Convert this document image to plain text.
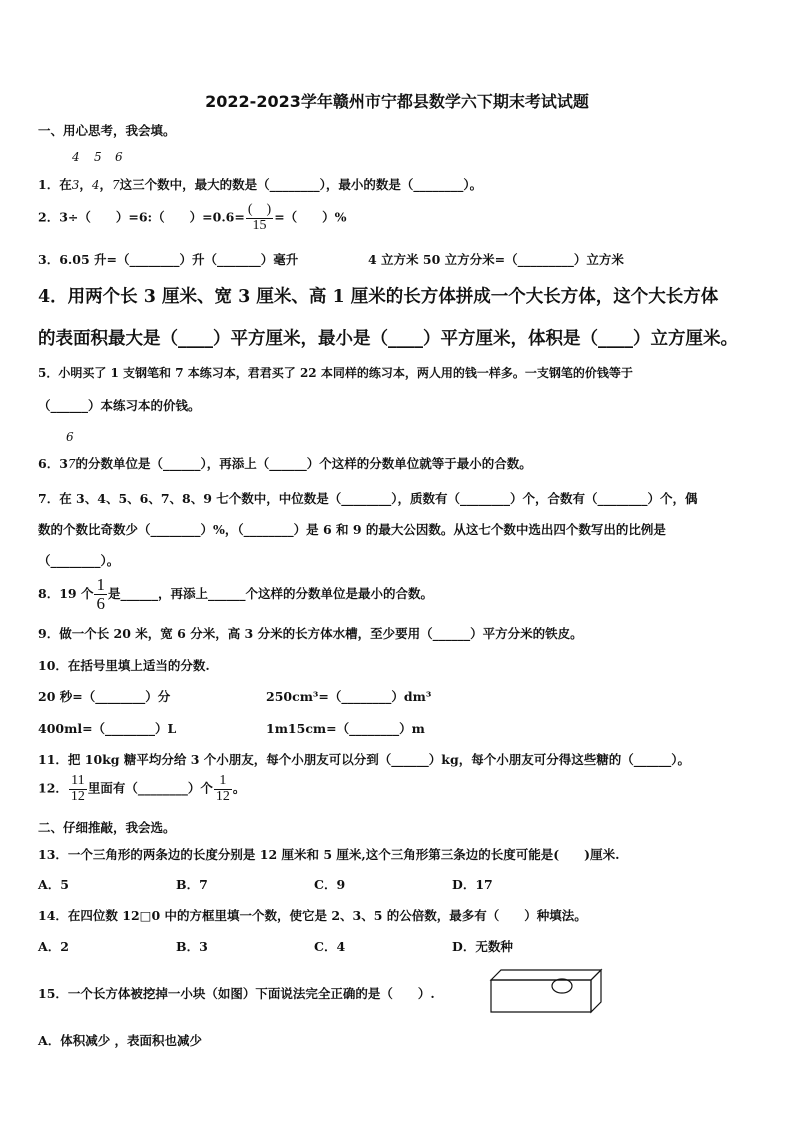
2022-2023学年赣州市宁都县数学六下期末考试试题
一、用心思考，我会填。
4 5 6
1．在3，4，7这三个数中，最大的数是（________），最小的数是（________）。
2．3÷（　　）=6:（　　）$=0.6= \frac{( )}{15}$ =（　　）%
3．6.05 升=（________）升（_______）毫升	4 立方米 50 立方分米=（_________）立方米
4．用两个长 3 厘米、宽 3 厘米、高 1 厘米的长方体拼成一个大长方体，这个大长方体
的表面积最大是（____）平方厘米，最小是（____）平方厘米，体积是（____）立方厘米。
5．小明买了 1 支钢笔和 7 本练习本，君君买了 22 本同样的练习本，两人用的钱一样多。一支钢笔的价钱等于
（______）本练习本的价钱。
6
6．37的分数单位是（______），再添上（______）个这样的分数单位就等于最小的合数。
7．在 3、4、5、6、7、8、9 七个数中，中位数是（________），质数有（________）个，合数有（________）个，偶
数的个数比奇数少（________）%，（________）是 6 和 9 的最大公因数。从这七个数中选出四个数写出的比例是
（________）。
8．19 个 $\frac{1}{6}$ 是______，再添上______个这样的分数单位是最小的合数。
9．做一个长 20 米，宽 6 分米，高 3 分米的长方体水槽，至少要用（______）平方分米的铁皮。
10．在括号里填上适当的分数.
20 秒=（________）分	250cm³=（________）dm³
400ml=（________）L	1m15cm=（________）m
11．把 10kg 糖平均分给 3 个小朋友，每个小朋友可以分到（______）kg，每个小朋友可分得这些糖的（______）。
12． $\frac{11}{12}$ 里面有（________）个 $\frac{1}{12}$ 。
二、仔细推敲，我会选。
13．一个三角形的两条边的长度分别是 12 厘米和 5 厘米,这个三角形第三条边的长度可能是(　　)厘米.
A．5	B．7	C．9	D．17
14．在四位数 12□0 中的方框里填一个数，使它是 2、3、5 的公倍数，最多有（　　）种填法。
A．2	B．3	C．4	D．无数种
15．一个长方体被挖掉一小块（如图）下面说法完全正确的是（　　）.
A．体积减少 ，表面积也减少
